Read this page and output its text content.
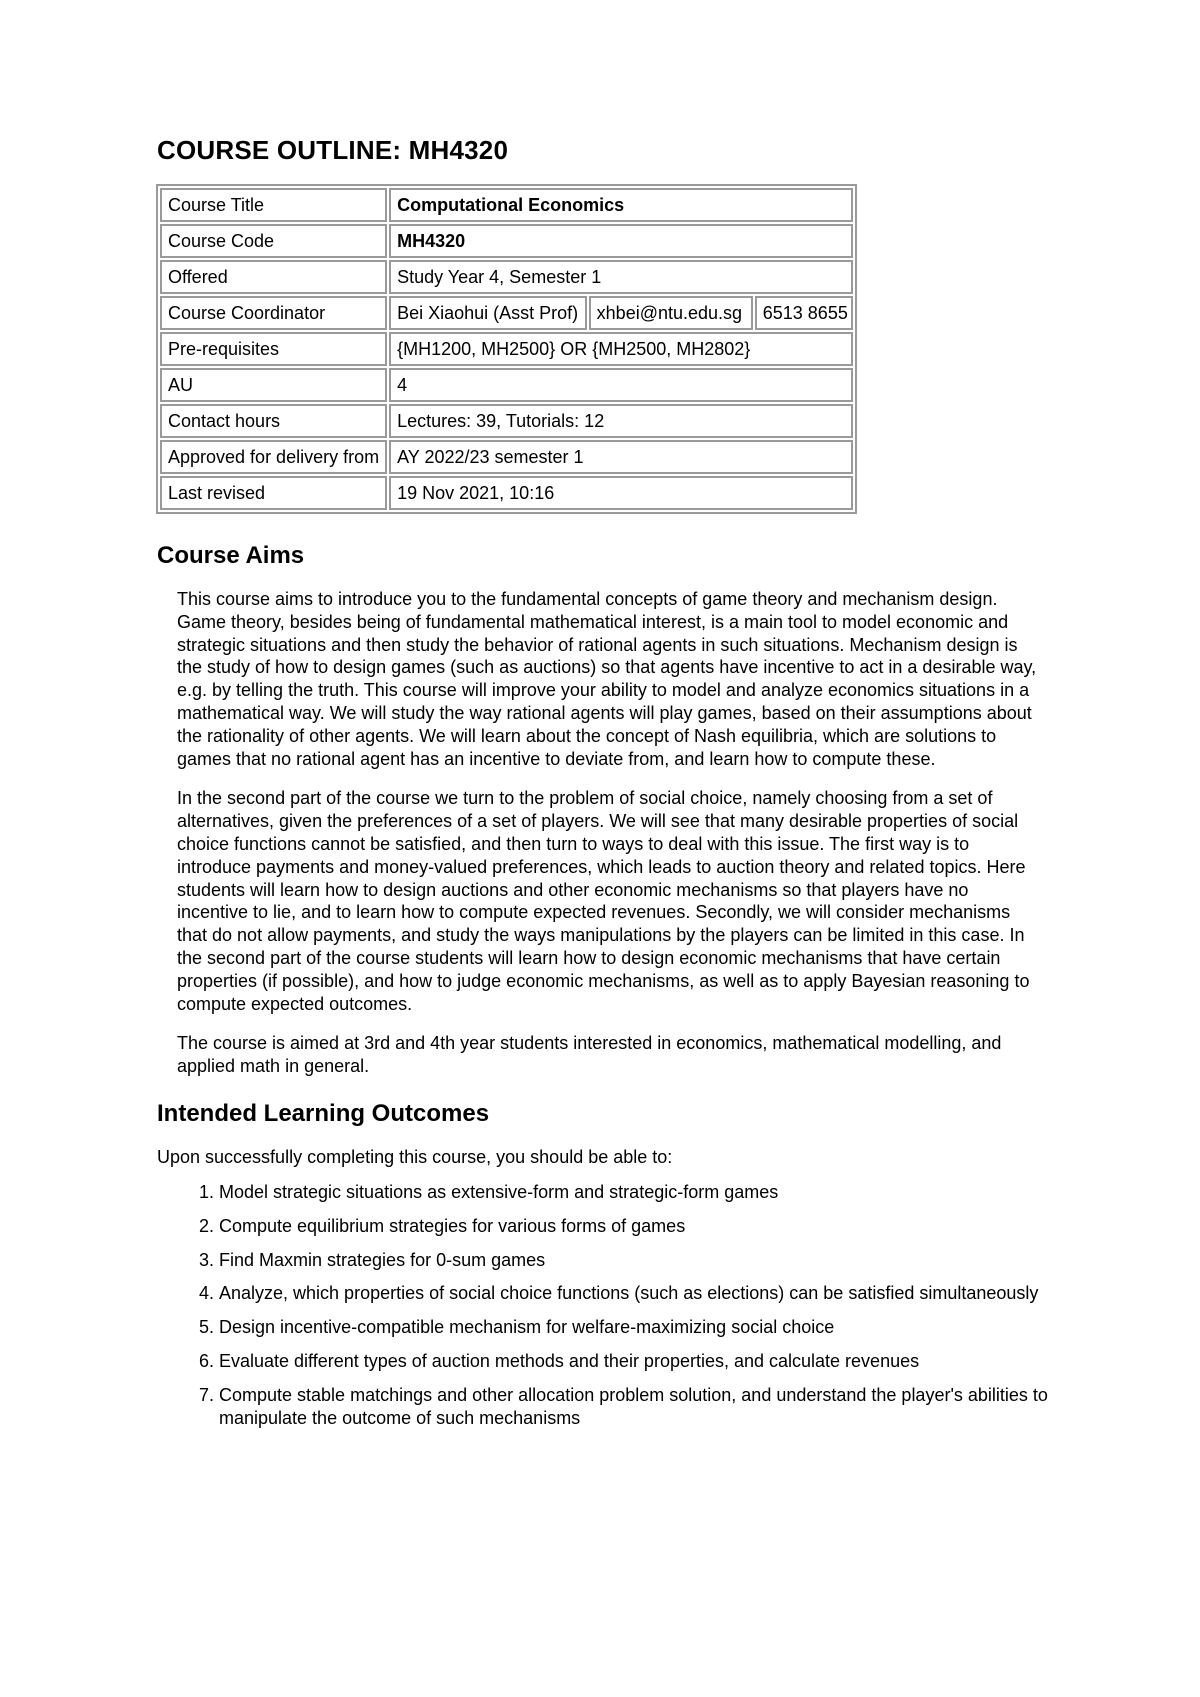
COURSE OUTLINE: MH4320
Course Title	Computational Economics		
Course Code	MH4320		
Offered	Study Year 4, Semester 1		
Course Coordinator	Bei Xiaohui (Asst Prof)	xhbei@ntu.edu.sg	6513 8655
Pre-requisites	{MH1200, MH2500} OR {MH2500, MH2802}		
AU	4		
Contact hours	Lectures: 39, Tutorials: 12		
Approved for delivery from	AY 2022/23 semester 1		
Last revised	19 Nov 2021, 10:16		
Course Aims

This course aims to introduce you to the fundamental concepts of game theory and mechanism design. Game theory, besides being of fundamental mathematical interest, is a main tool to model economic and strategic situations and then study the behavior of rational agents in such situations. Mechanism design is the study of how to design games (such as auctions) so that agents have incentive to act in a desirable way, e.g. by telling the truth. This course will improve your ability to model and analyze economics situations in a mathematical way. We will study the way rational agents will play games, based on their assumptions about the rationality of other agents. We will learn about the concept of Nash equilibria, which are solutions to games that no rational agent has an incentive to deviate from, and learn how to compute these.

In the second part of the course we turn to the problem of social choice, namely choosing from a set of alternatives, given the preferences of a set of players. We will see that many desirable properties of social choice functions cannot be satisfied, and then turn to ways to deal with this issue. The first way is to introduce payments and money-valued preferences, which leads to auction theory and related topics. Here students will learn how to design auctions and other economic mechanisms so that players have no incentive to lie, and to learn how to compute expected revenues. Secondly, we will consider mechanisms that do not allow payments, and study the ways manipulations by the players can be limited in this case. In the second part of the course students will learn how to design economic mechanisms that have certain properties (if possible), and how to judge economic mechanisms, as well as to apply Bayesian reasoning to compute expected outcomes.

The course is aimed at 3rd and 4th year students interested in economics, mathematical modelling, and applied math in general.

Intended Learning Outcomes
Upon successfully completing this course, you should be able to:
1. Model strategic situations as extensive-form and strategic-form games
2. Compute equilibrium strategies for various forms of games
3. Find Maxmin strategies for 0-sum games
4. Analyze, which properties of social choice functions (such as elections) can be satisfied simultaneously
5. Design incentive-compatible mechanism for welfare-maximizing social choice
6. Evaluate different types of auction methods and their properties, and calculate revenues
7. Compute stable matchings and other allocation problem solution, and understand the player's abilities to manipulate the outcome of such mechanisms
